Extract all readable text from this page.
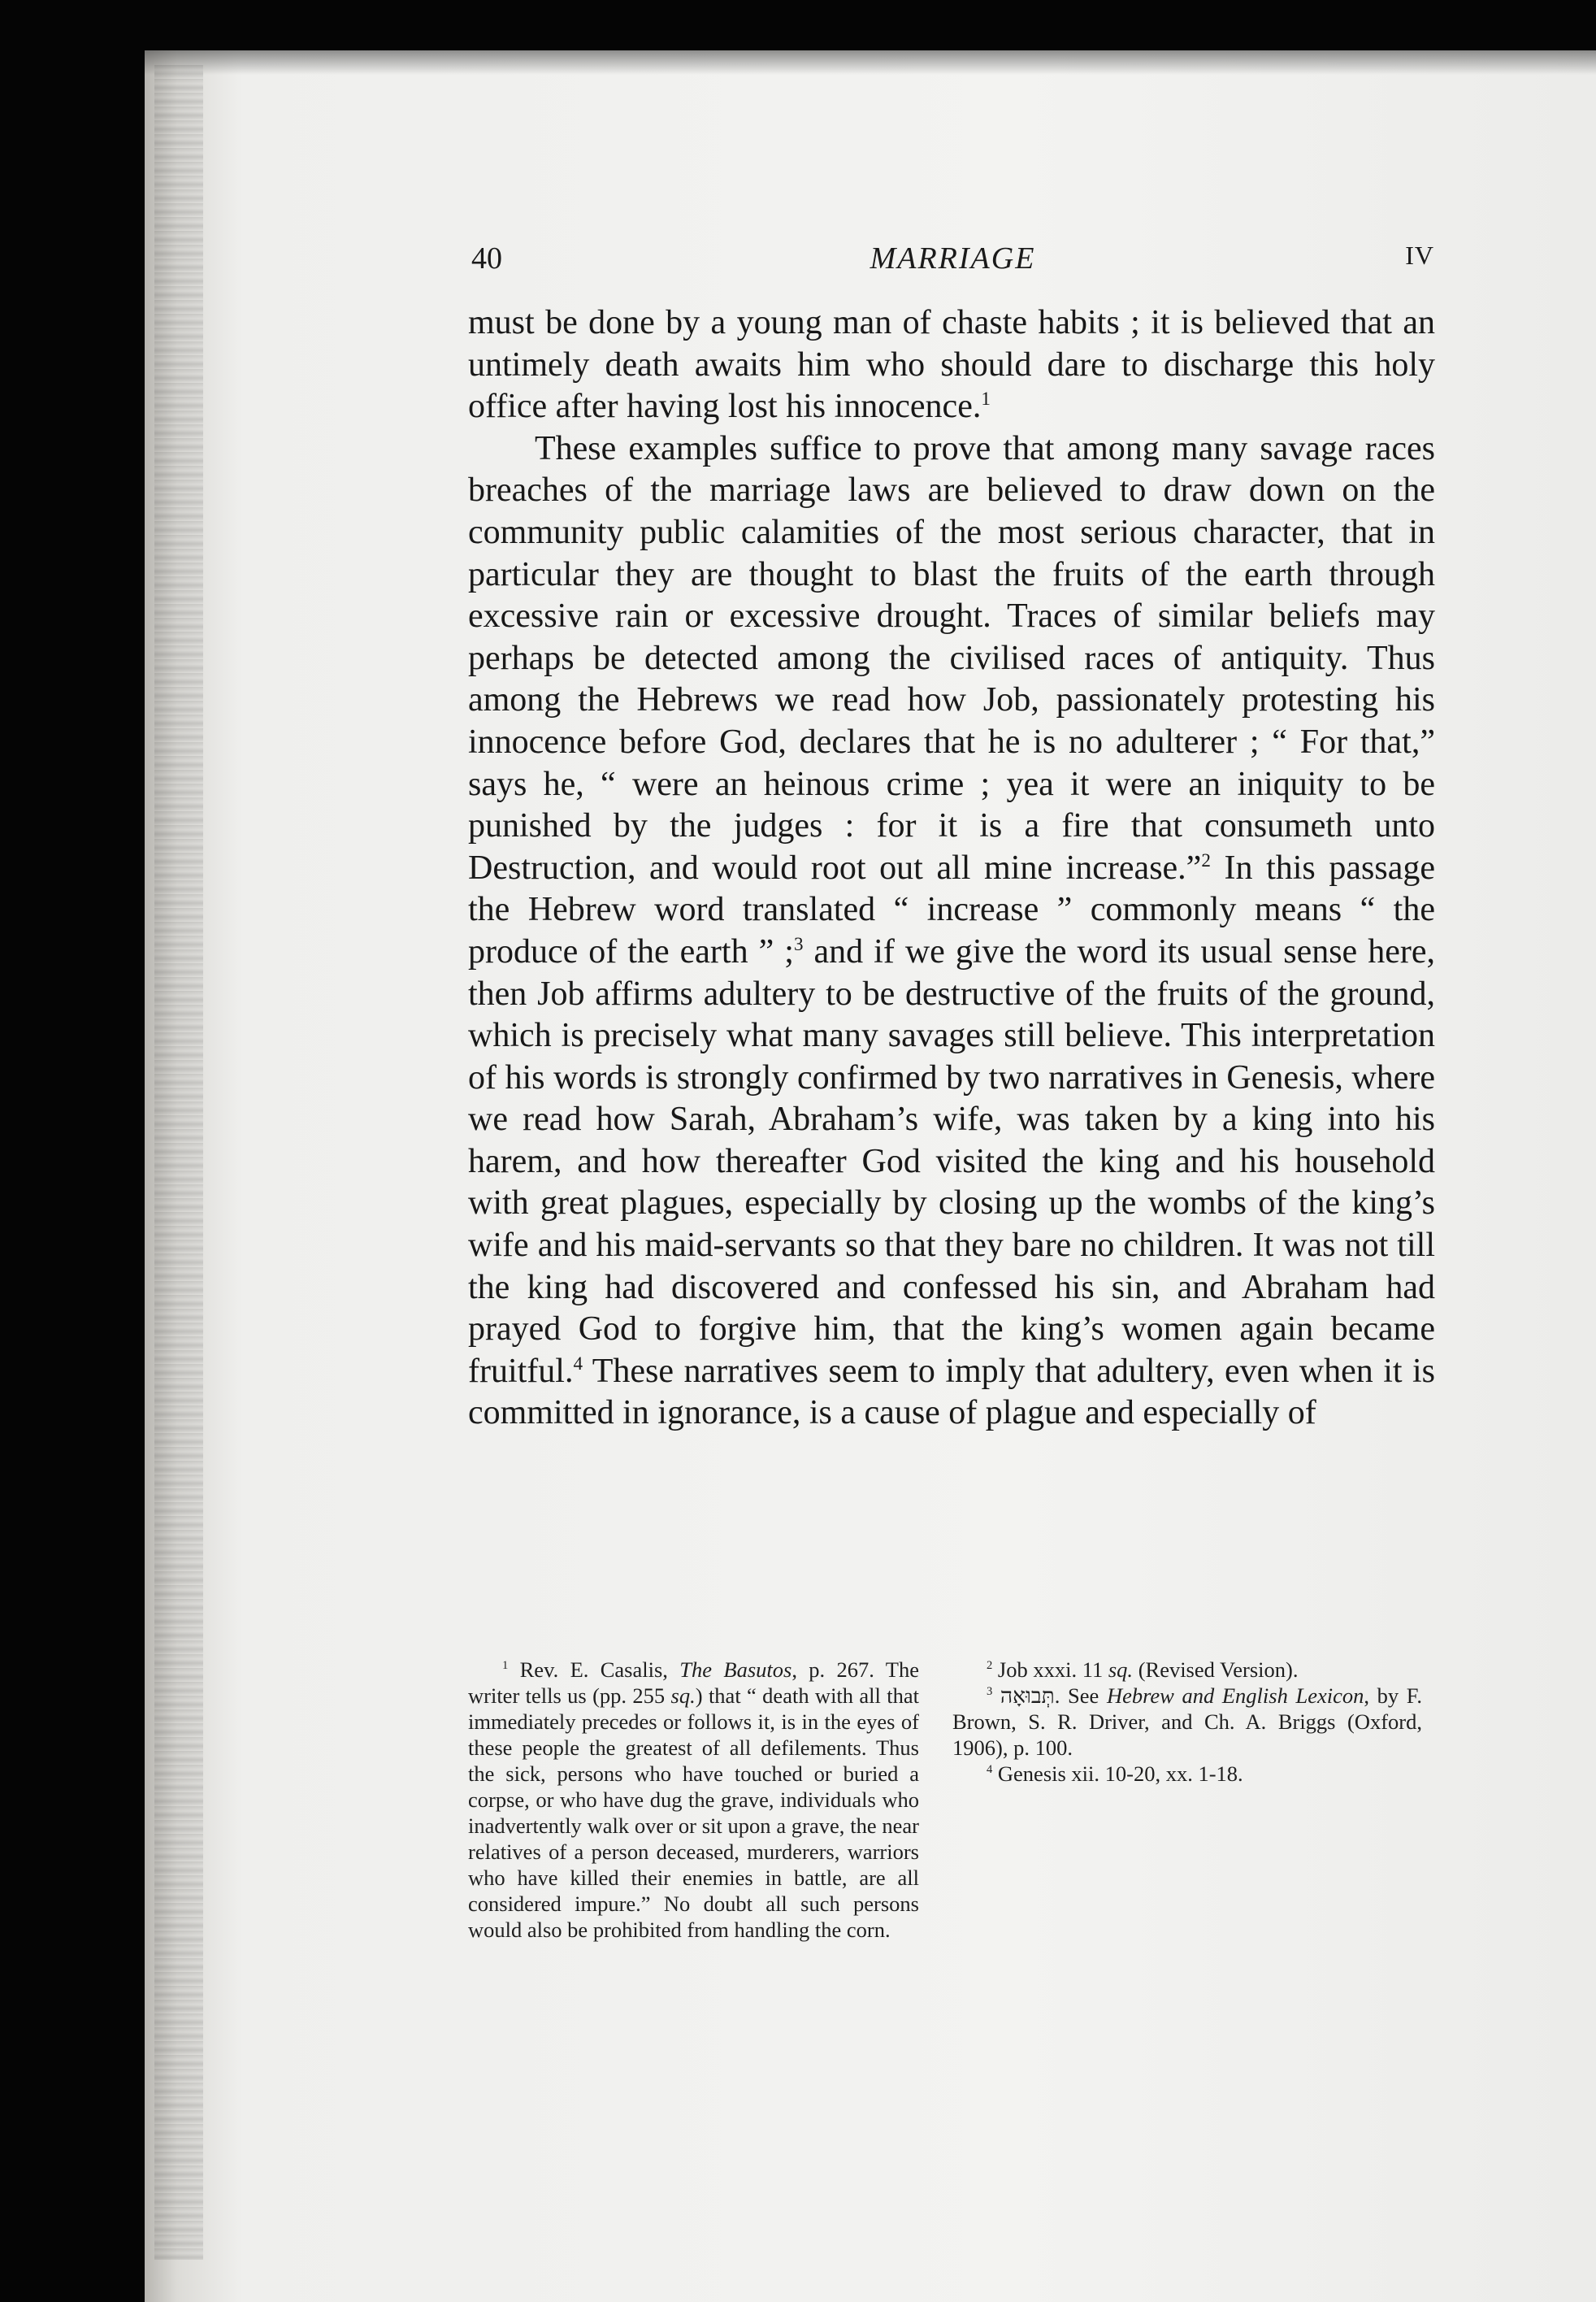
40	MARRIAGE	IV

must be done by a young man of chaste habits ; it is believed that an untimely death awaits him who should dare to discharge this holy office after having lost his innocence.$^1$

These examples suffice to prove that among many savage races breaches of the marriage laws are believed to draw down on the community public calamities of the most serious character, that in particular they are thought to blast the fruits of the earth through excessive rain or excessive drought. Traces of similar beliefs may perhaps be detected among the civilised races of antiquity. Thus among the Hebrews we read how Job, passionately protesting his innocence before God, declares that he is no adulterer ; “ For that,” says he, “ were an heinous crime ; yea it were an iniquity to be punished by the judges : for it is a fire that consumeth unto Destruction, and would root out all mine increase.”$^2$ In this passage the Hebrew word translated “ increase ” commonly means “ the produce of the earth ” ;$^3$ and if we give the word its usual sense here, then Job affirms adultery to be destructive of the fruits of the ground, which is precisely what many savages still believe. This interpretation of his words is strongly confirmed by two narratives in Genesis, where we read how Sarah, Abraham’s wife, was taken by a king into his harem, and how thereafter God visited the king and his household with great plagues, especially by closing up the wombs of the king’s wife and his maid-servants so that they bare no children. It was not till the king had discovered and confessed his sin, and Abraham had prayed God to forgive him, that the king’s women again became fruitful.$^4$ These narratives seem to imply that adultery, even when it is committed in ignorance, is a cause of plague and especially of

$^1$ Rev. E. Casalis, The Basutos, p. 267. The writer tells us (pp. 255 sq.) that “ death with all that immediately precedes or follows it, is in the eyes of these people the greatest of all defilements. Thus the sick, persons who have touched or buried a corpse, or who have dug the grave, individuals who inadvertently walk over or sit upon a grave, the near relatives of a person deceased, murderers, warriors who have killed their enemies in battle, are all considered impure.” No doubt all such persons would also be prohibited from handling the corn.

$^2$ Job xxxi. 11 sq. (Revised Version).

$^3$ תְּבוּאָה. See Hebrew and English Lexicon, by F. Brown, S. R. Driver, and Ch. A. Briggs (Oxford, 1906), p. 100.

$^4$ Genesis xii. 10-20, xx. 1-18.
